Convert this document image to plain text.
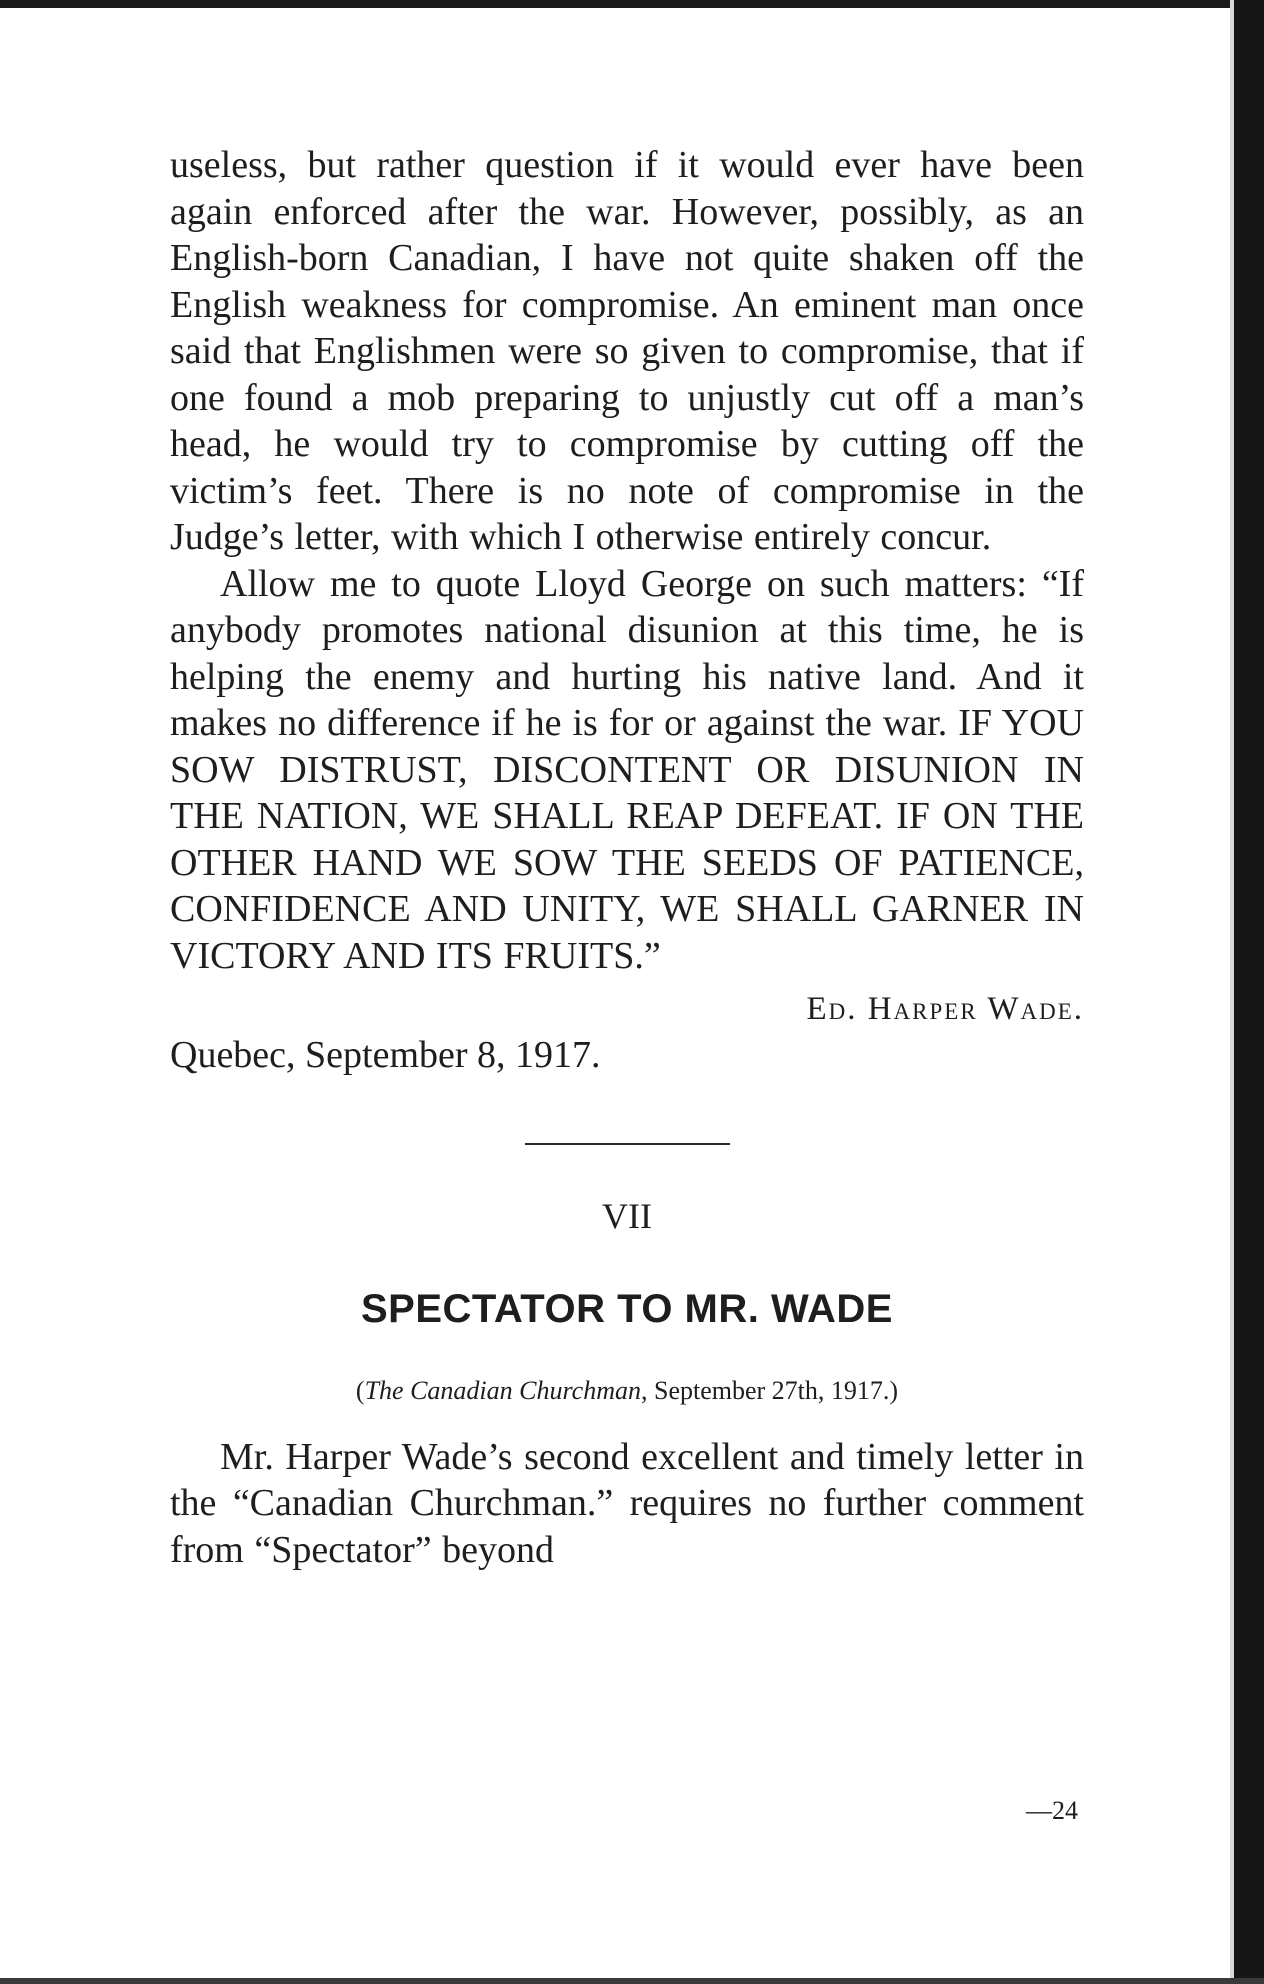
useless, but rather question if it would ever have been again enforced after the war. However, possibly, as an English-born Canadian, I have not quite shaken off the English weakness for compromise. An eminent man once said that Englishmen were so given to compromise, that if one found a mob preparing to unjustly cut off a man’s head, he would try to compromise by cutting off the victim’s feet. There is no note of compromise in the Judge’s letter, with which I otherwise entirely concur.

Allow me to quote Lloyd George on such matters: “If anybody promotes national disunion at this time, he is helping the enemy and hurting his native land. And it makes no difference if he is for or against the war. IF YOU SOW DISTRUST, DISCONTENT OR DISUNION IN THE NATION, WE SHALL REAP DEFEAT. IF ON THE OTHER HAND WE SOW THE SEEDS OF PATIENCE, CONFIDENCE AND UNITY, WE SHALL GARNER IN VICTORY AND ITS FRUITS.”

Ed. Harper Wade.

Quebec, September 8, 1917.

VII

SPECTATOR TO MR. WADE

(The Canadian Churchman, September 27th, 1917.)

Mr. Harper Wade’s second excellent and timely letter in the “Canadian Churchman.” requires no further comment from “Spectator” beyond

—24
